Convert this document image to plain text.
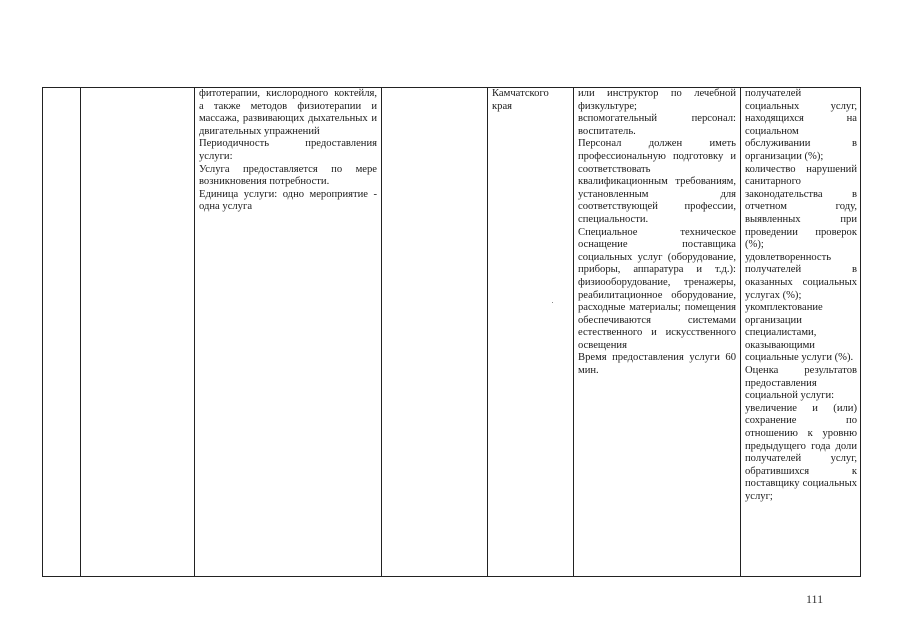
фитотерапии, кислородного коктейля, а также методов физиотерапии и массажа, развивающих дыхательных и двигательных упражнений

Периодичность предоставления услуги:

Услуга предоставляется по мере возникновения потребности.

Единица услуги: одно мероприятие - одна услуга

Камчатского края

или инструктор по лечебной физкультуре;

вспомогательный персонал: воспитатель.

Персонал должен иметь профессиональную подготовку и соответствовать квалификационным требованиям, установленным для соответствующей профессии, специальности.

Специальное техническое оснащение поставщика социальных услуг (оборудование, приборы, аппаратура и т.д.): физиооборудование, тренажеры, реабилитационное оборудование, расходные материалы; помещения обеспечиваются системами естественного и искусственного освещения

Время предоставления услуги 60 мин.

получателей социальных услуг, находящихся на социальном обслуживании в организации (%);

количество нарушений санитарного законодательства в отчетном году, выявленных при проведении проверок (%);

удовлетворенность получателей в оказанных социальных услугах (%);

укомплектование организации специалистами, оказывающими социальные услуги (%).

Оценка результатов предоставления социальной услуги:

увеличение и (или) сохранение по отношению к уровню предыдущего года доли получателей услуг, обратившихся к поставщику социальных услуг;

111
